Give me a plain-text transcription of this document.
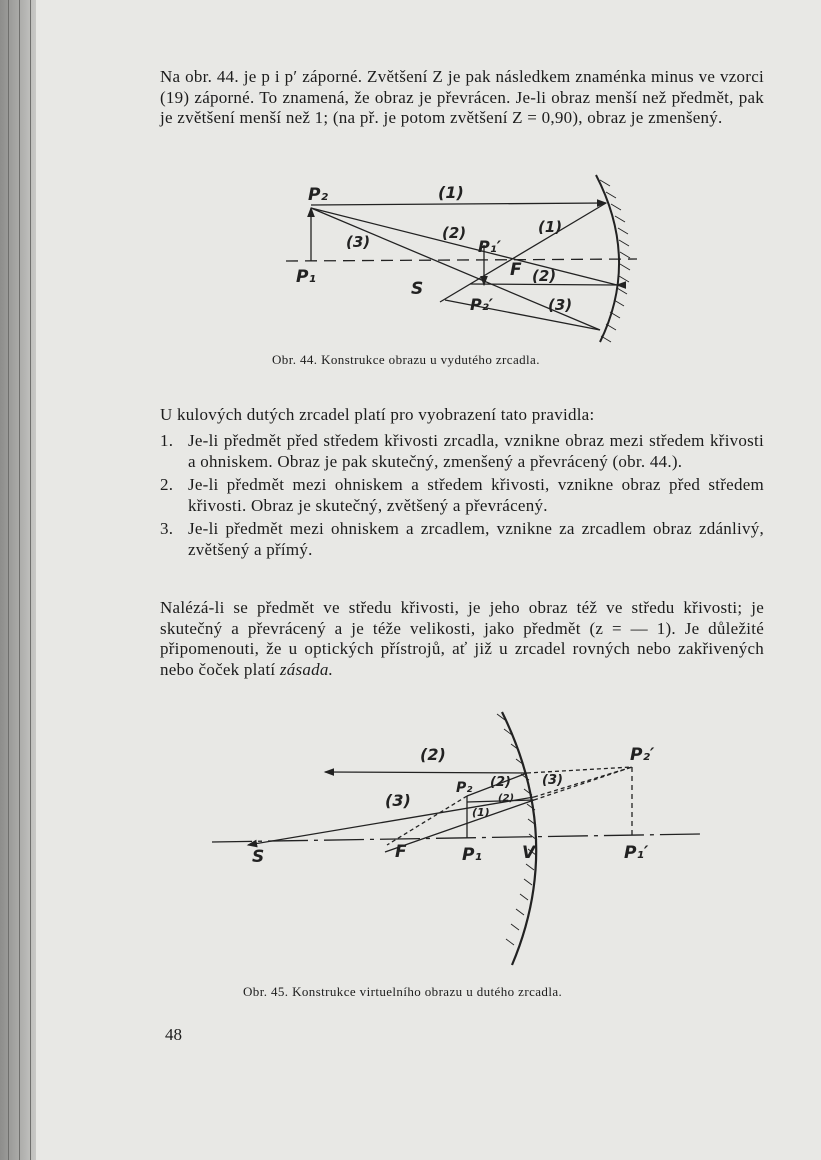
Na obr. 44. je p i p′ záporné. Zvětšení Z je pak následkem znaménka minus ve vzorci (19) záporné. To znamená, že obraz je převrácen. Je-li obraz menší než předmět, pak je zvětšení menší než 1; (na př. je potom zvětšení Z = 0,90), obraz je zmenšený.

P₂
P₁
S
F
P₁′
P₂′
(1)
(1)
(2)
(2)
(3)
(3)
Obr. 44. Konstrukce obrazu u vydutého zrcadla.
U kulových dutých zrcadel platí pro vyobrazení tato pravidla:
1. Je-li předmět před středem křivosti zrcadla, vznikne obraz mezi středem křivosti a ohniskem. Obraz je pak skutečný, zmenšený a převrácený (obr. 44.).
2. Je-li předmět mezi ohniskem a středem křivosti, vznikne obraz před středem křivosti. Obraz je skutečný, zvětšený a převrácený.
3. Je-li předmět mezi ohniskem a zrcadlem, vznikne za zrcadlem obraz zdánlivý, zvětšený a přímý.

Nalézá-li se předmět ve středu křivosti, je jeho obraz též ve středu křivosti; je skutečný a převrácený a je téže velikosti, jako předmět (z = — 1). Je důležité připomenouti, že u optických přístrojů, ať již u zrcadel rovných nebo zakřivených nebo čoček platí zásada.

S	F	P₁ V	P₁′
P₂
P₂′
(2)
(2)
(2)
(3)
(3)
(1)
Obr. 45. Konstrukce virtuelního obrazu u dutého zrcadla.
48
